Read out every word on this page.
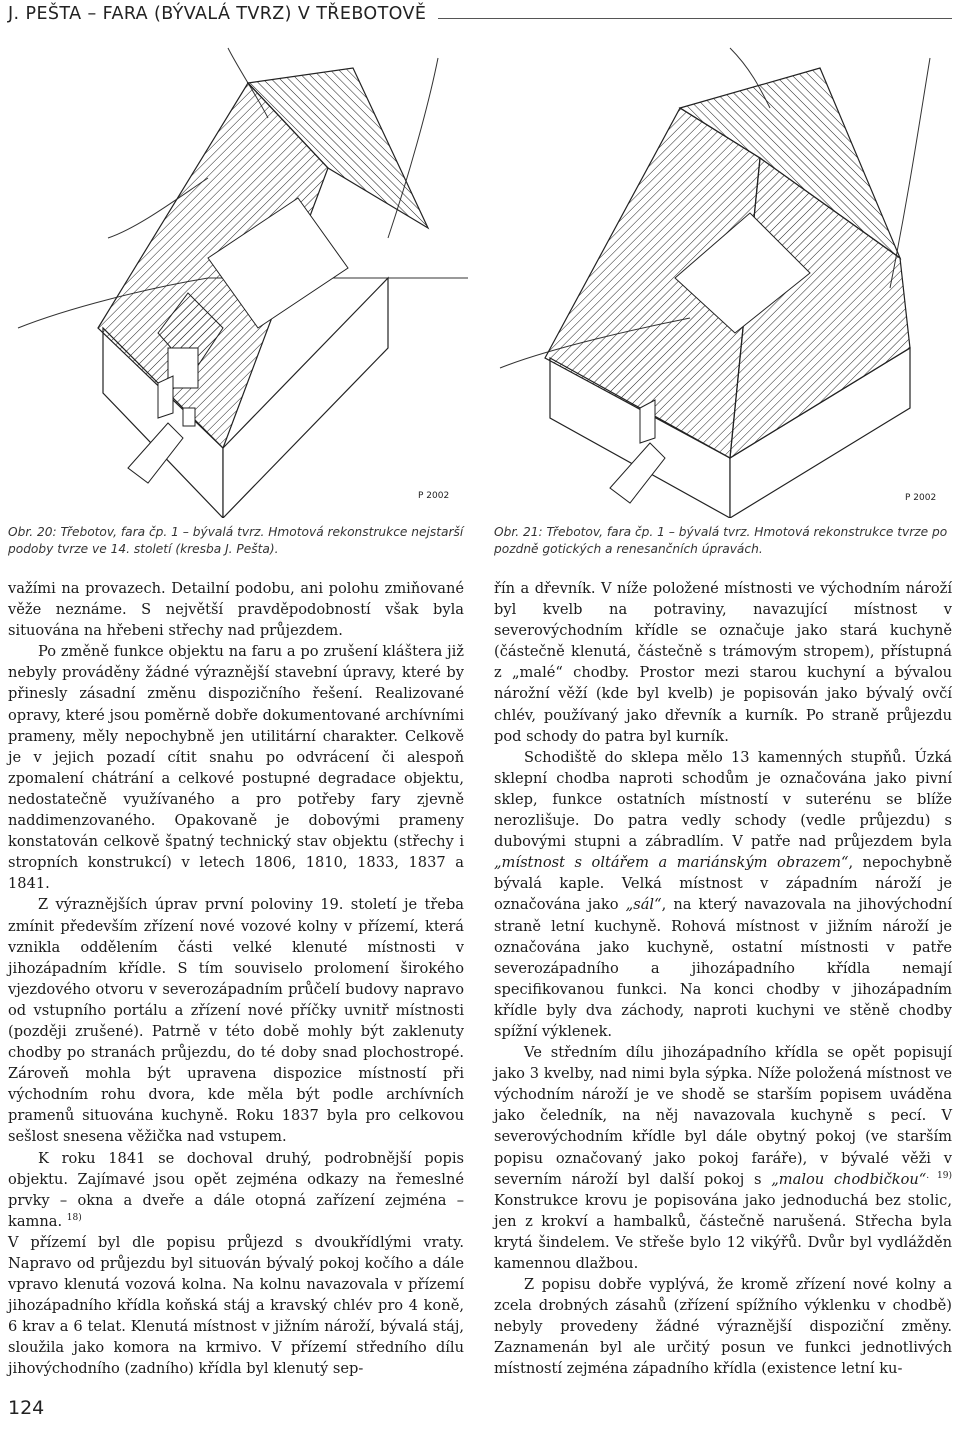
J. PEŠTA – FARA (BÝVALÁ TVRZ) V TŘEBOTOVĚ
P 2002	P 2002
Obr. 20: Třebotov, fara čp. 1 – bývalá tvrz. Hmotová rekonstrukce nejstarší podoby tvrze ve 14. století (kresba J. Pešta).
Obr. 21: Třebotov, fara čp. 1 – bývalá tvrz. Hmotová rekonstrukce tvrze po pozdně gotických a renesančních úpravách.

važími na provazech. Detailní podobu, ani polohu zmiňované věže neznáme. S největší pravděpodobností však byla situována na hřebeni střechy nad průjezdem.

Po změně funkce objektu na faru a po zrušení kláštera již nebyly prováděny žádné výraznější stavební úpravy, které by přinesly zásadní změnu dispozičního řešení. Realizované opravy, které jsou poměrně dobře dokumentované archívními prameny, měly nepochybně jen utilitární charakter. Celkově je v jejich pozadí cítit snahu po odvrácení či alespoň zpomalení chátrání a celkové postupné degradace objektu, nedostatečně využívaného a pro potřeby fary zjevně naddimenzovaného. Opakovaně je dobovými prameny konstatován celkově špatný technický stav objektu (střechy i stropních konstrukcí) v letech 1806, 1810, 1833, 1837 a 1841.

Z výraznějších úprav první poloviny 19. století je třeba zmínit především zřízení nové vozové kolny v přízemí, která vznikla oddělením části velké klenuté místnosti v jihozápadním křídle. S tím souviselo prolomení širokého vjezdového otvoru v severozápadním průčelí budovy napravo od vstupního portálu a zřízení nové příčky uvnitř místnosti (později zrušené). Patrně v této době mohly být zaklenuty chodby po stranách průjezdu, do té doby snad plochostropé. Zároveň mohla být upravena dispozice místností při východním rohu dvora, kde měla být podle archívních pramenů situována kuchyně. Roku 1837 byla pro celkovou sešlost snesena věžička nad vstupem.

K roku 1841 se dochoval druhý, podrobnější popis objektu. Zajímavé jsou opět zejména odkazy na řemeslné prvky – okna a dveře a dále otopná zařízení zejména – kamna. $^{18)}$

V přízemí byl dle popisu průjezd s dvoukřídlými vraty. Napravo od průjezdu byl situován bývalý pokoj kočího a dále vpravo klenutá vozová kolna. Na kolnu navazovala v přízemí jihozápadního křídla koňská stáj a kravský chlév pro 4 koně, 6 krav a 6 telat. Klenutá místnost v jižním nároží, bývalá stáj, sloužila jako komora na krmivo. V přízemí středního dílu jihovýchodního (zadního) křídla byl klenutý sep-

řín a dřevník. V níže položené místnosti ve východním nároží byl kvelb na potraviny, navazující místnost v severovýchodním křídle se označuje jako stará kuchyně (částečně klenutá, částečně s trámovým stropem), přístupná z „malé“ chodby. Prostor mezi starou kuchyní a bývalou nárožní věží (kde byl kvelb) je popisován jako bývalý ovčí chlév, používaný jako dřevník a kurník. Po straně průjezdu pod schody do patra byl kurník.

Schodiště do sklepa mělo 13 kamenných stupňů. Úzká sklepní chodba naproti schodům je označována jako pivní sklep, funkce ostatních místností v suterénu se blíže nerozlišuje. Do patra vedly schody (vedle průjezdu) s dubovými stupni a zábradlím. V patře nad průjezdem byla „místnost s oltářem a mariánským obrazem“, nepochybně bývalá kaple. Velká místnost v západním nároží je označována jako „sál“, na který navazovala na jihovýchodní straně letní kuchyně. Rohová místnost v jižním nároží je označována jako kuchyně, ostatní místnosti v patře severozápadního a jihozápadního křídla nemají specifikovanou funkci. Na konci chodby v jihozápadním křídle byly dva záchody, naproti kuchyni ve stěně chodby spížní výklenek.

Ve středním dílu jihozápadního křídla se opět popisují jako 3 kvelby, nad nimi byla sýpka. Níže položená místnost ve východním nároží je ve shodě se starším popisem uváděna jako čeledník, na něj navazovala kuchyně s pecí. V severovýchodním křídle byl dále obytný pokoj (ve starším popisu označovaný jako pokoj faráře), v bývalé věži v severním nároží byl další pokoj s „malou chodbičkou“$^{. 19)}$ Konstrukce krovu je popisována jako jednoduchá bez stolic, jen z krokví a hambalků, částečně narušená. Střecha byla krytá šindelem. Ve střeše bylo 12 vikýřů. Dvůr byl vydlážděn kamennou dlažbou.

Z popisu dobře vyplývá, že kromě zřízení nové kolny a zcela drobných zásahů (zřízení spížního výklenku v chodbě) nebyly provedeny žádné výraznější dispoziční změny. Zaznamenán byl ale určitý posun ve funkci jednotlivých místností zejména západního křídla (existence letní ku-

124
